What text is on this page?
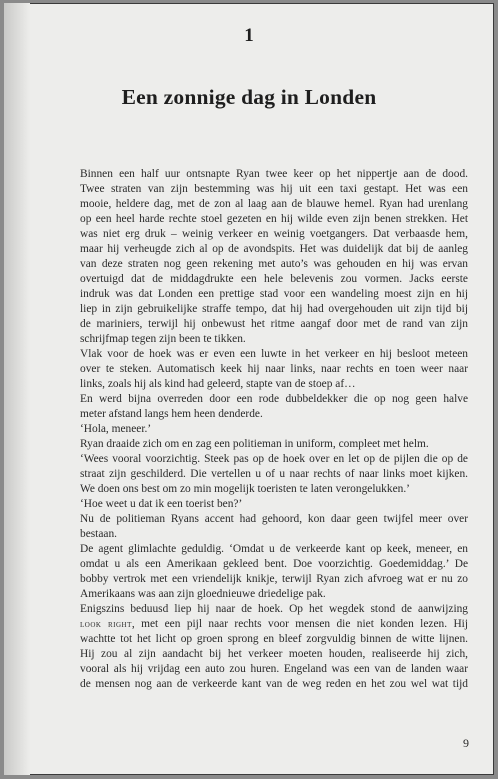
1
Een zonnige dag in Londen
Binnen een half uur ontsnapte Ryan twee keer op het nippertje aan de dood.
Twee straten van zijn bestemming was hij uit een taxi gestapt. Het was een
mooie, heldere dag, met de zon al laag aan de blauwe hemel. Ryan had urenlang
op een heel harde rechte stoel gezeten en hij wilde even zijn benen strekken. Het
was niet erg druk – weinig verkeer en weinig voetgangers. Dat verbaasde hem,
maar hij verheugde zich al op de avondspits. Het was duidelijk dat bij de aanleg
van deze straten nog geen rekening met auto’s was gehouden en hij was ervan
overtuigd dat de middagdrukte een hele belevenis zou vormen. Jacks eerste
indruk was dat Londen een prettige stad voor een wandeling moest zijn en hij
liep in zijn gebruikelijke straffe tempo, dat hij had overgehouden uit zijn tijd bij
de mariniers, terwijl hij onbewust het ritme aangaf door met de rand van zijn
schrijfmap tegen zijn been te tikken.
Vlak voor de hoek was er even een luwte in het verkeer en hij besloot meteen
over te steken. Automatisch keek hij naar links, naar rechts en toen weer naar
links, zoals hij als kind had geleerd, stapte van de stoep af…
En werd bijna overreden door een rode dubbeldekker die op nog geen halve
meter afstand langs hem heen denderde.
‘Hola, meneer.’
Ryan draaide zich om en zag een politieman in uniform, compleet met helm.
‘Wees vooral voorzichtig. Steek pas op de hoek over en let op de pijlen die op de
straat zijn geschilderd. Die vertellen u of u naar rechts of naar links moet kijken.
We doen ons best om zo min mogelijk toeristen te laten verongelukken.’
‘Hoe weet u dat ik een toerist ben?’
Nu de politieman Ryans accent had gehoord, kon daar geen twijfel meer over
bestaan.
De agent glimlachte geduldig. ‘Omdat u de verkeerde kant op keek, meneer, en
omdat u als een Amerikaan gekleed bent. Doe voorzichtig. Goedemiddag.’ De
bobby vertrok met een vriendelijk knikje, terwijl Ryan zich afvroeg wat er nu zo
Amerikaans was aan zijn gloednieuwe driedelige pak.
Enigszins beduusd liep hij naar de hoek. Op het wegdek stond de aanwijzing
look right, met een pijl naar rechts voor mensen die niet konden lezen. Hij
wachtte tot het licht op groen sprong en bleef zorgvuldig binnen de witte lijnen.
Hij zou al zijn aandacht bij het verkeer moeten houden, realiseerde hij zich,
vooral als hij vrijdag een auto zou huren. Engeland was een van de landen waar
de mensen nog aan de verkeerde kant van de weg reden en het zou wel wat tijd
9
